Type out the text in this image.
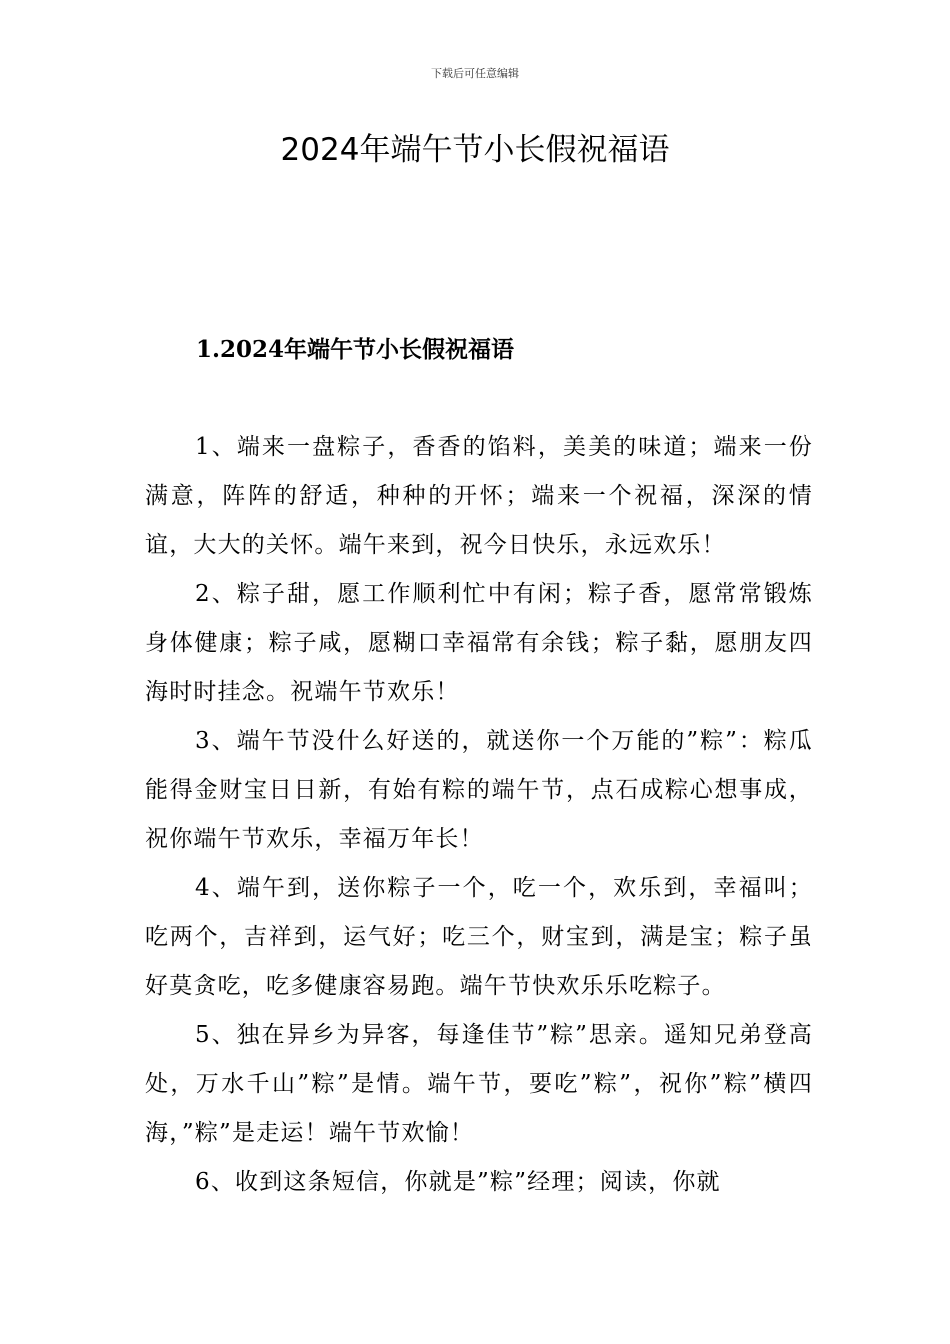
下载后可任意编辑
2024年端午节小长假祝福语
1.2024年端午节小长假祝福语

1、端来一盘粽子，香香的馅料，美美的味道；端来一份满意，阵阵的舒适，种种的开怀；端来一个祝福，深深的情谊，大大的关怀。端午来到，祝今日快乐，永远欢乐！

2、粽子甜，愿工作顺利忙中有闲；粽子香，愿常常锻炼身体健康；粽子咸，愿糊口幸福常有余钱；粽子黏，愿朋友四海时时挂念。祝端午节欢乐！

3、端午节没什么好送的，就送你一个万能的”粽”：粽瓜能得金财宝日日新，有始有粽的端午节，点石成粽心想事成，祝你端午节欢乐，幸福万年长！

4、端午到，送你粽子一个，吃一个，欢乐到，幸福叫；吃两个，吉祥到，运气好；吃三个，财宝到，满是宝；粽子虽好莫贪吃，吃多健康容易跑。端午节快欢乐乐吃粽子。

5、独在异乡为异客，每逢佳节”粽”思亲。遥知兄弟登高处，万水千山”粽”是情。端午节，要吃”粽”，祝你”粽”横四海，”粽”是走运！端午节欢愉！

6、收到这条短信，你就是”粽”经理；阅读，你就
